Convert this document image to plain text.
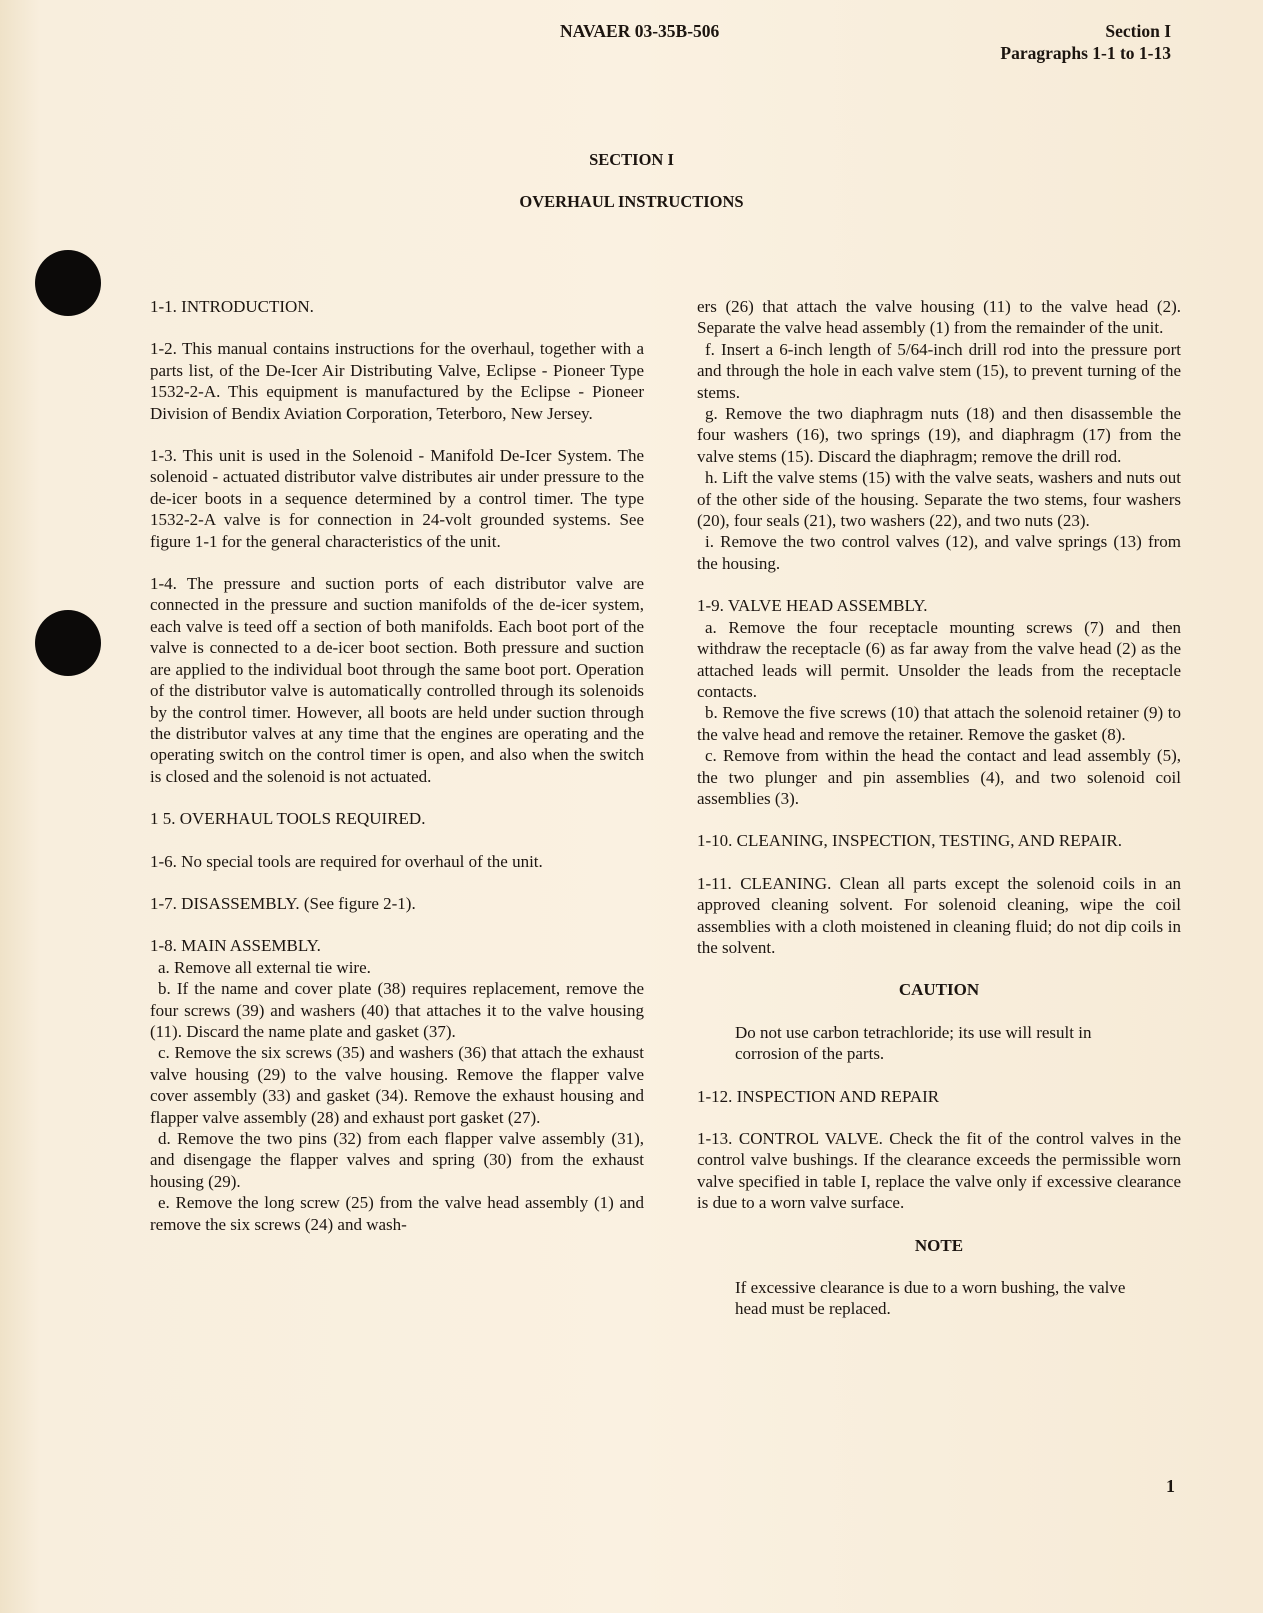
NAVAER 03-35B-506	Section I
Paragraphs 1-1 to 1-13
SECTION I
OVERHAUL INSTRUCTIONS

1-1. INTRODUCTION.

1-2. This manual contains instructions for the overhaul, together with a parts list, of the De-Icer Air Distributing Valve, Eclipse - Pioneer Type 1532-2-A. This equipment is manufactured by the Eclipse - Pioneer Division of Bendix Aviation Corporation, Teterboro, New Jersey.

1-3. This unit is used in the Solenoid - Manifold De-Icer System. The solenoid - actuated distributor valve distributes air under pressure to the de-icer boots in a sequence determined by a control timer. The type 1532-2-A valve is for connection in 24-volt grounded systems. See figure 1-1 for the general characteristics of the unit.

1-4. The pressure and suction ports of each distributor valve are connected in the pressure and suction manifolds of the de-icer system, each valve is teed off a section of both manifolds. Each boot port of the valve is connected to a de-icer boot section. Both pressure and suction are applied to the individual boot through the same boot port. Operation of the distributor valve is automatically controlled through its solenoids by the control timer. However, all boots are held under suction through the distributor valves at any time that the engines are operating and the operating switch on the control timer is open, and also when the switch is closed and the solenoid is not actuated.

1 5. OVERHAUL TOOLS REQUIRED.

1-6. No special tools are required for overhaul of the unit.

1-7. DISASSEMBLY. (See figure 2-1).

1-8. MAIN ASSEMBLY.

a. Remove all external tie wire.

b. If the name and cover plate (38) requires replacement, remove the four screws (39) and washers (40) that attaches it to the valve housing (11). Discard the name plate and gasket (37).

c. Remove the six screws (35) and washers (36) that attach the exhaust valve housing (29) to the valve housing. Remove the flapper valve cover assembly (33) and gasket (34). Remove the exhaust housing and flapper valve assembly (28) and exhaust port gasket (27).

d. Remove the two pins (32) from each flapper valve assembly (31), and disengage the flapper valves and spring (30) from the exhaust housing (29).

e. Remove the long screw (25) from the valve head assembly (1) and remove the six screws (24) and wash-

ers (26) that attach the valve housing (11) to the valve head (2). Separate the valve head assembly (1) from the remainder of the unit.

f. Insert a 6-inch length of 5/64-inch drill rod into the pressure port and through the hole in each valve stem (15), to prevent turning of the stems.

g. Remove the two diaphragm nuts (18) and then disassemble the four washers (16), two springs (19), and diaphragm (17) from the valve stems (15). Discard the diaphragm; remove the drill rod.

h. Lift the valve stems (15) with the valve seats, washers and nuts out of the other side of the housing. Separate the two stems, four washers (20), four seals (21), two washers (22), and two nuts (23).

i. Remove the two control valves (12), and valve springs (13) from the housing.

1-9. VALVE HEAD ASSEMBLY.

a. Remove the four receptacle mounting screws (7) and then withdraw the receptacle (6) as far away from the valve head (2) as the attached leads will permit. Unsolder the leads from the receptacle contacts.

b. Remove the five screws (10) that attach the solenoid retainer (9) to the valve head and remove the retainer. Remove the gasket (8).

c. Remove from within the head the contact and lead assembly (5), the two plunger and pin assemblies (4), and two solenoid coil assemblies (3).

1-10. CLEANING, INSPECTION, TESTING, AND REPAIR.

1-11. CLEANING. Clean all parts except the solenoid coils in an approved cleaning solvent. For solenoid cleaning, wipe the coil assemblies with a cloth moistened in cleaning fluid; do not dip coils in the solvent.

CAUTION

Do not use carbon tetrachloride; its use will result in corrosion of the parts.

1-12. INSPECTION AND REPAIR

1-13. CONTROL VALVE. Check the fit of the control valves in the control valve bushings. If the clearance exceeds the permissible worn valve specified in table I, replace the valve only if excessive clearance is due to a worn valve surface.

NOTE

If excessive clearance is due to a worn bushing, the valve head must be replaced.

1
